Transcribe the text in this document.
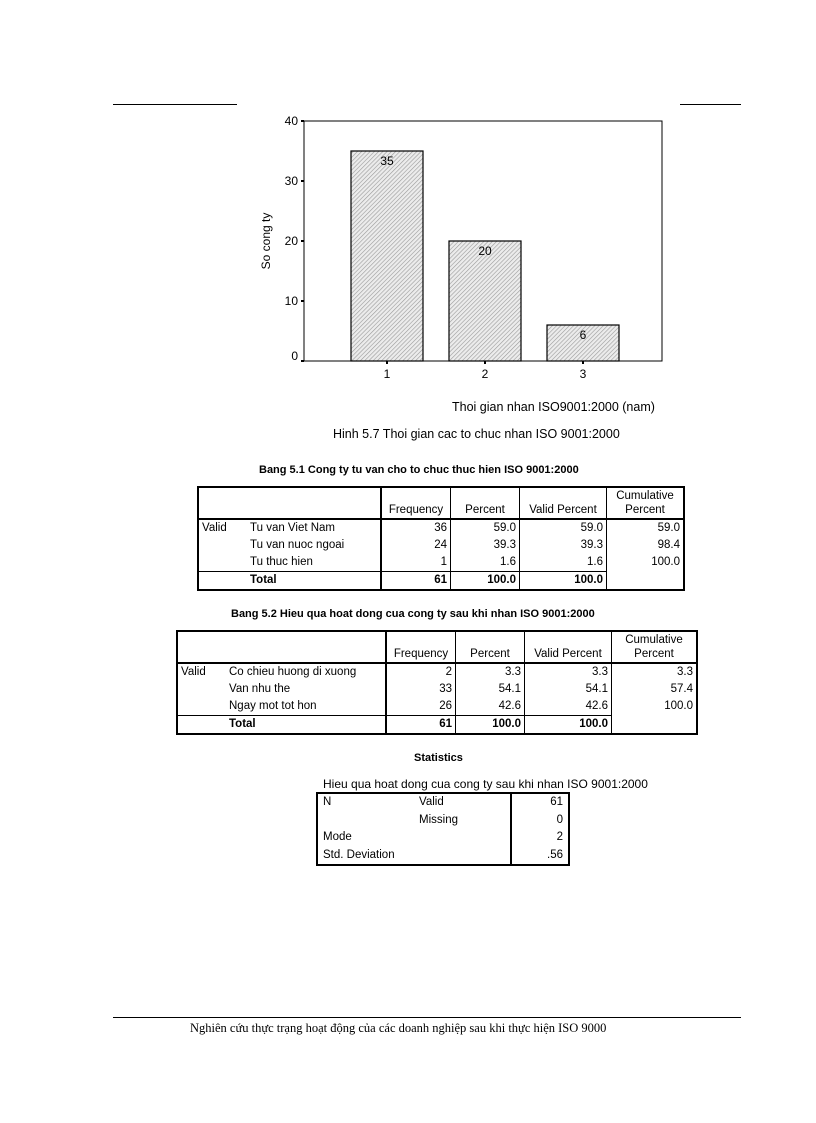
So cong ty
0
10
20
30
40
35
20
6
1	2	3
Thoi gian nhan ISO9001:2000 (nam)
Hinh 5.7 Thoi gian cac to chuc nhan ISO 9001:2000
Bang 5.1 Cong ty tu van cho to chuc thuc hien ISO 9001:2000
		Frequency	Percent	Valid Percent	Cumulative
Percent
Valid	Tu van Viet Nam	36	59.0	59.0	59.0
	Tu van nuoc ngoai	24	39.3	39.3	98.4
	Tu thuc hien	1	1.6	1.6	100.0
	Total	61	100.0	100.0	
Bang 5.2 Hieu qua hoat dong cua cong ty sau khi nhan ISO 9001:2000
		Frequency	Percent	Valid Percent	Cumulative
Percent
Valid	Co chieu huong di xuong	2	3.3	3.3	3.3
	Van nhu the	33	54.1	54.1	57.4
	Ngay mot tot hon	26	42.6	42.6	100.0
	Total	61	100.0	100.0	
Statistics
Hieu qua hoat dong cua cong ty sau khi nhan ISO 9001:2000
N	Valid	61
	Missing	0
Mode		2
Std. Deviation		.56
Nghiên cứu thực trạng hoạt động của các doanh nghiệp sau khi thực hiện ISO 9000
